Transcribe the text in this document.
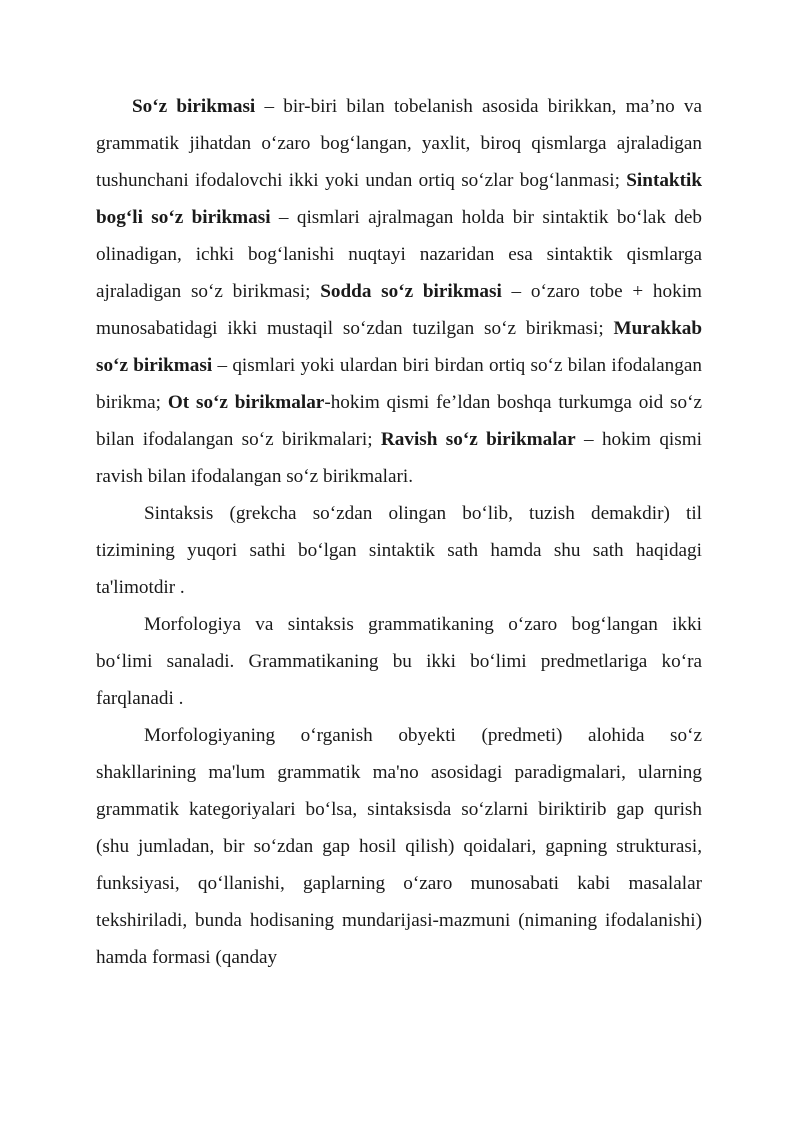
So‘z birikmasi – bir-biri bilan tobelanish asosida birikkan, ma’no va grammatik jihatdan o‘zaro bog‘langan, yaxlit, biroq qismlarga ajraladigan tushunchani ifodalovchi ikki yoki undan ortiq so‘zlar bog‘lanmasi; Sintaktik bog‘li so‘z birikmasi – qismlari ajralmagan holda bir sintaktik bo‘lak deb olinadigan, ichki bog‘lanishi nuqtayi nazaridan esa sintaktik qismlarga ajraladigan so‘z birikmasi; Sodda so‘z birikmasi – o‘zaro tobe + hokim munosabatidagi ikki mustaqil so‘zdan tuzilgan so‘z birikmasi; Murakkab so‘z birikmasi – qismlari yoki ulardan biri birdan ortiq so‘z bilan ifodalangan birikma; Ot so‘z birikmalar-hokim qismi fe’ldan boshqa turkumga oid so‘z bilan ifodalangan so‘z birikmalari; Ravish so‘z birikmalar – hokim qismi ravish bilan ifodalangan so‘z birikmalari.

Sintaksis (grekcha so‘zdan olingan bo‘lib, tuzish demakdir) til tizimining yuqori sathi bo‘lgan sintaktik sath hamda shu sath haqidagi ta'limotdir .

Morfologiya va sintaksis grammatikaning o‘zaro bog‘langan ikki bo‘limi sanaladi. Grammatikaning bu ikki bo‘limi predmetlariga ko‘ra farqlanadi .

Morfologiyaning o‘rganish obyekti (predmeti) alohida so‘z shakllarining ma'lum grammatik ma'no asosidagi paradigmalari, ularning grammatik kategoriyalari bo‘lsa, sintaksisda so‘zlarni biriktirib gap qurish (shu jumladan, bir so‘zdan gap hosil qilish) qoidalari, gapning strukturasi, funksiyasi, qo‘llanishi, gaplarning o‘zaro munosabati kabi masalalar tekshiriladi, bunda hodisaning mundarijasi-mazmuni (nimaning ifodalanishi) hamda formasi (qanday
